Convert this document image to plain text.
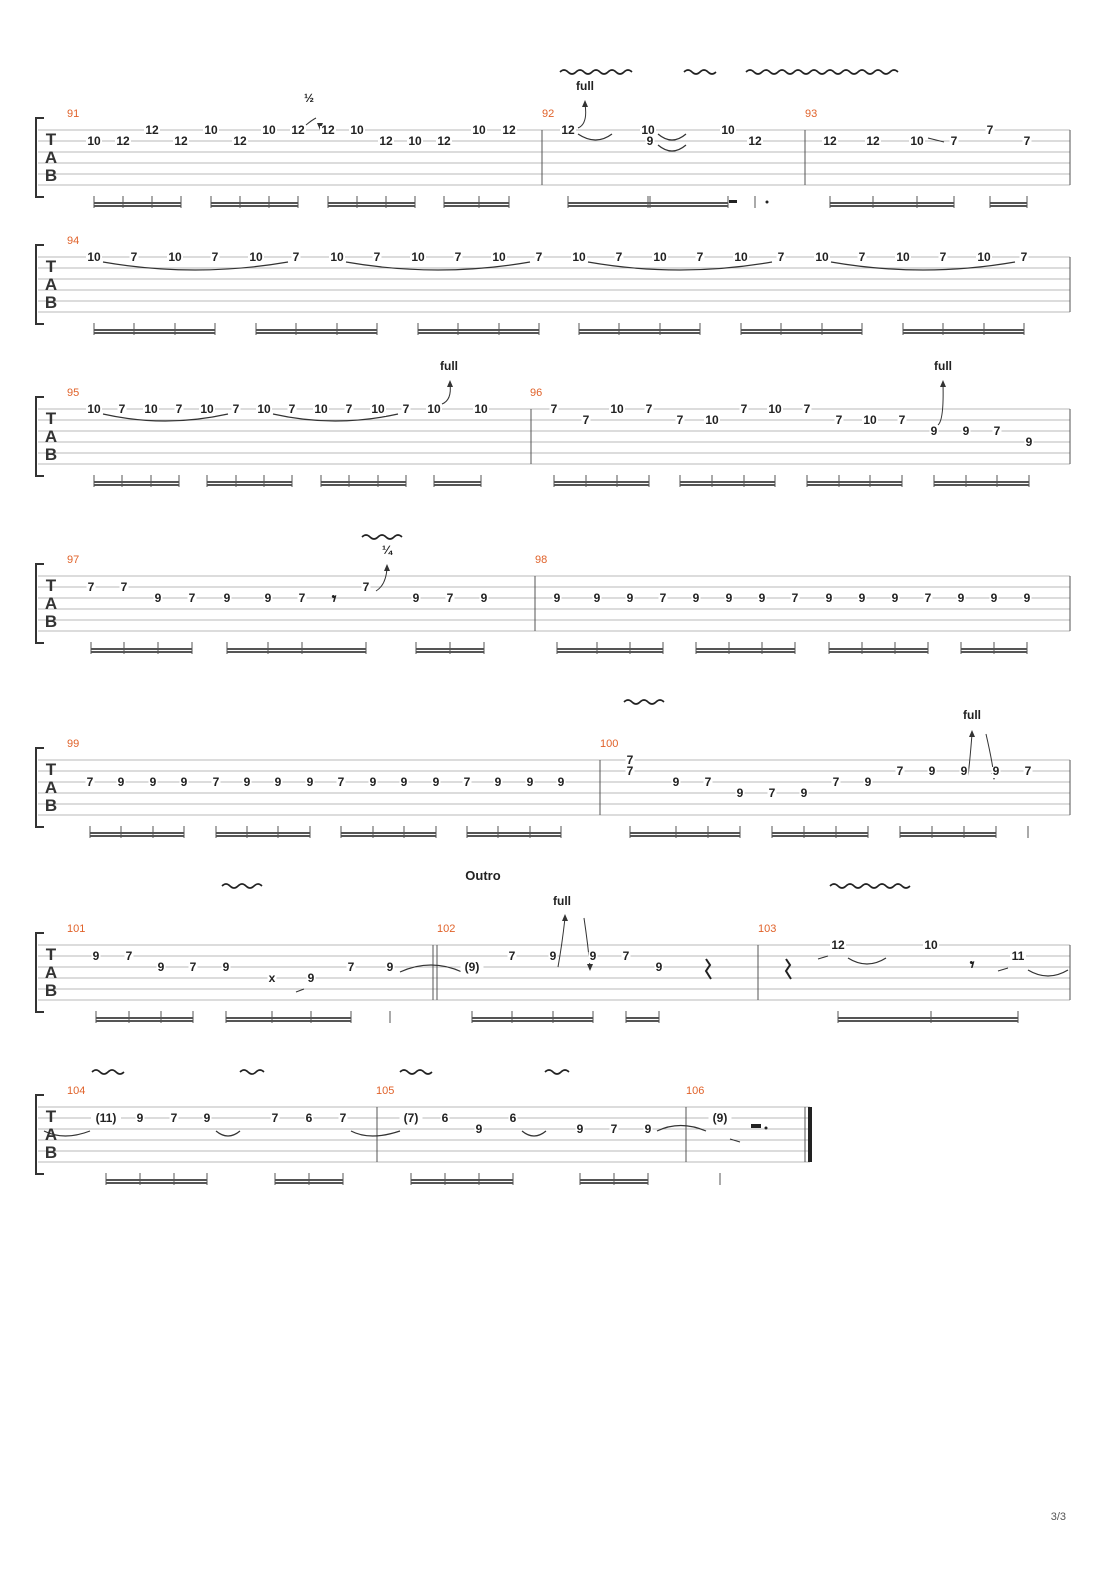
T
A
B
T
A
B
T
A
B
T
A
B
T
A
B
T
A
B
T
A
B
𝄾
𝄾
full
½
full	full
¼
full
full
Outro
91
10 12
12
12
10
12
10 12 12 10
12 10 12
10 12
92
12	10
9
10
12
93
12 12	10 7
7
7
94
10 7	10 7	10 7	10 7	10 7	10 7 10 7	10 7	10 7	10 7	10 7	10 7
95
10 7 10 7 10 7 10 7 10 7 10 7 10	10
96
7
7
10 7
7 10
7 10 7
7 10 7
9 9 7
9
97
7 7
9 7 9	9 7
7
9 7 9
98
9	9 9 7 9 9 9 7 9 9 9 7 9 9 9
99
7 9 9 9 7 9 9 9 7 9 9 9 7 9 9 9
100
7
7
9 7
9 7 9
7 9
7 9 9 9 7
101
9 7
9 7 9
x	9
7	9
102
(9)
7	9	9 7
9
103
12	10
11
104
(11) 9 7 9	7 6 7
105
(7) 6
9
6
9 7 9
106
(9)
3/3
